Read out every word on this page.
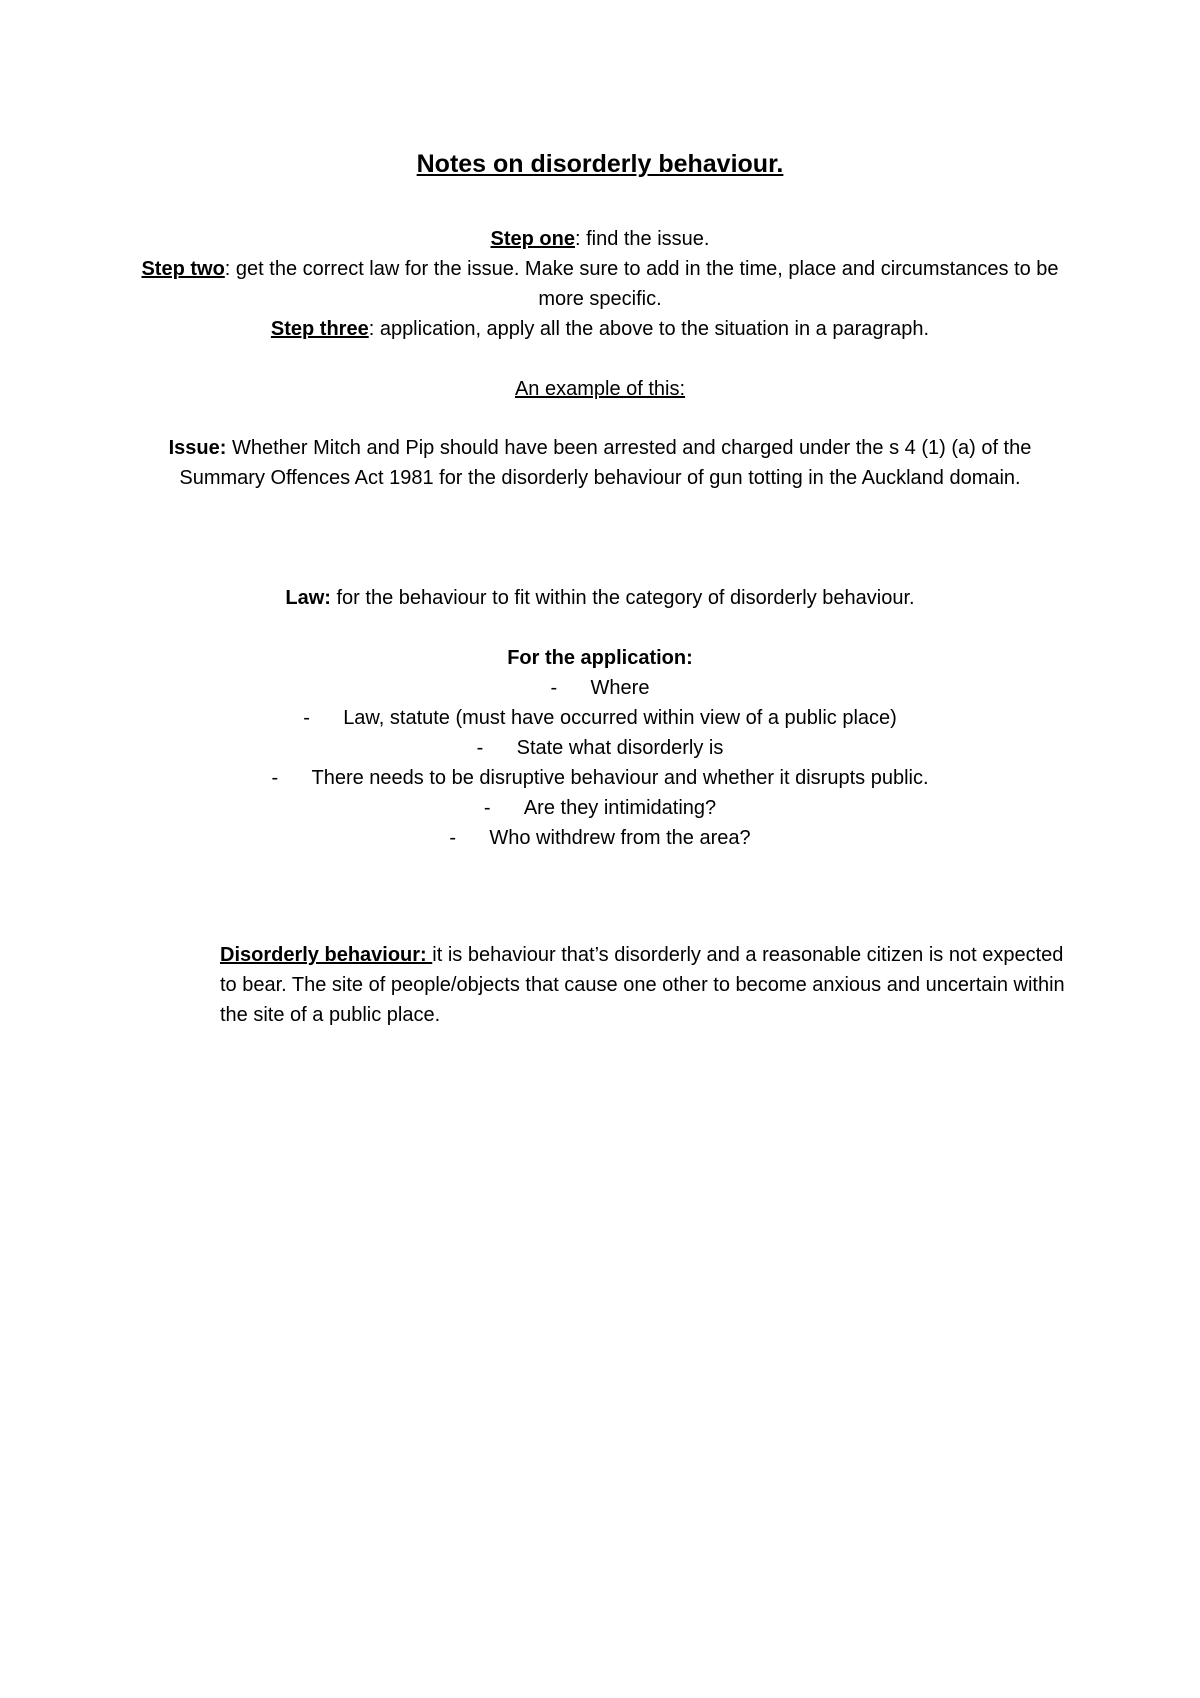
Notes on disorderly behaviour.
Step one: find the issue.
Step two: get the correct law for the issue. Make sure to add in the time, place and circumstances to be more specific.
Step three: application, apply all the above to the situation in a paragraph.
An example of this:
Issue: Whether Mitch and Pip should have been arrested and charged under the s 4 (1) (a) of the Summary Offences Act 1981 for the disorderly behaviour of gun totting in the Auckland domain.
Law: for the behaviour to fit within the category of disorderly behaviour.
For the application:
- Where
- Law, statute (must have occurred within view of a public place)
- State what disorderly is
- There needs to be disruptive behaviour and whether it disrupts public.
- Are they intimidating?
- Who withdrew from the area?
Disorderly behaviour: it is behaviour that’s disorderly and a reasonable citizen is not expected to bear. The site of people/objects that cause one other to become anxious and uncertain within the site of a public place.
